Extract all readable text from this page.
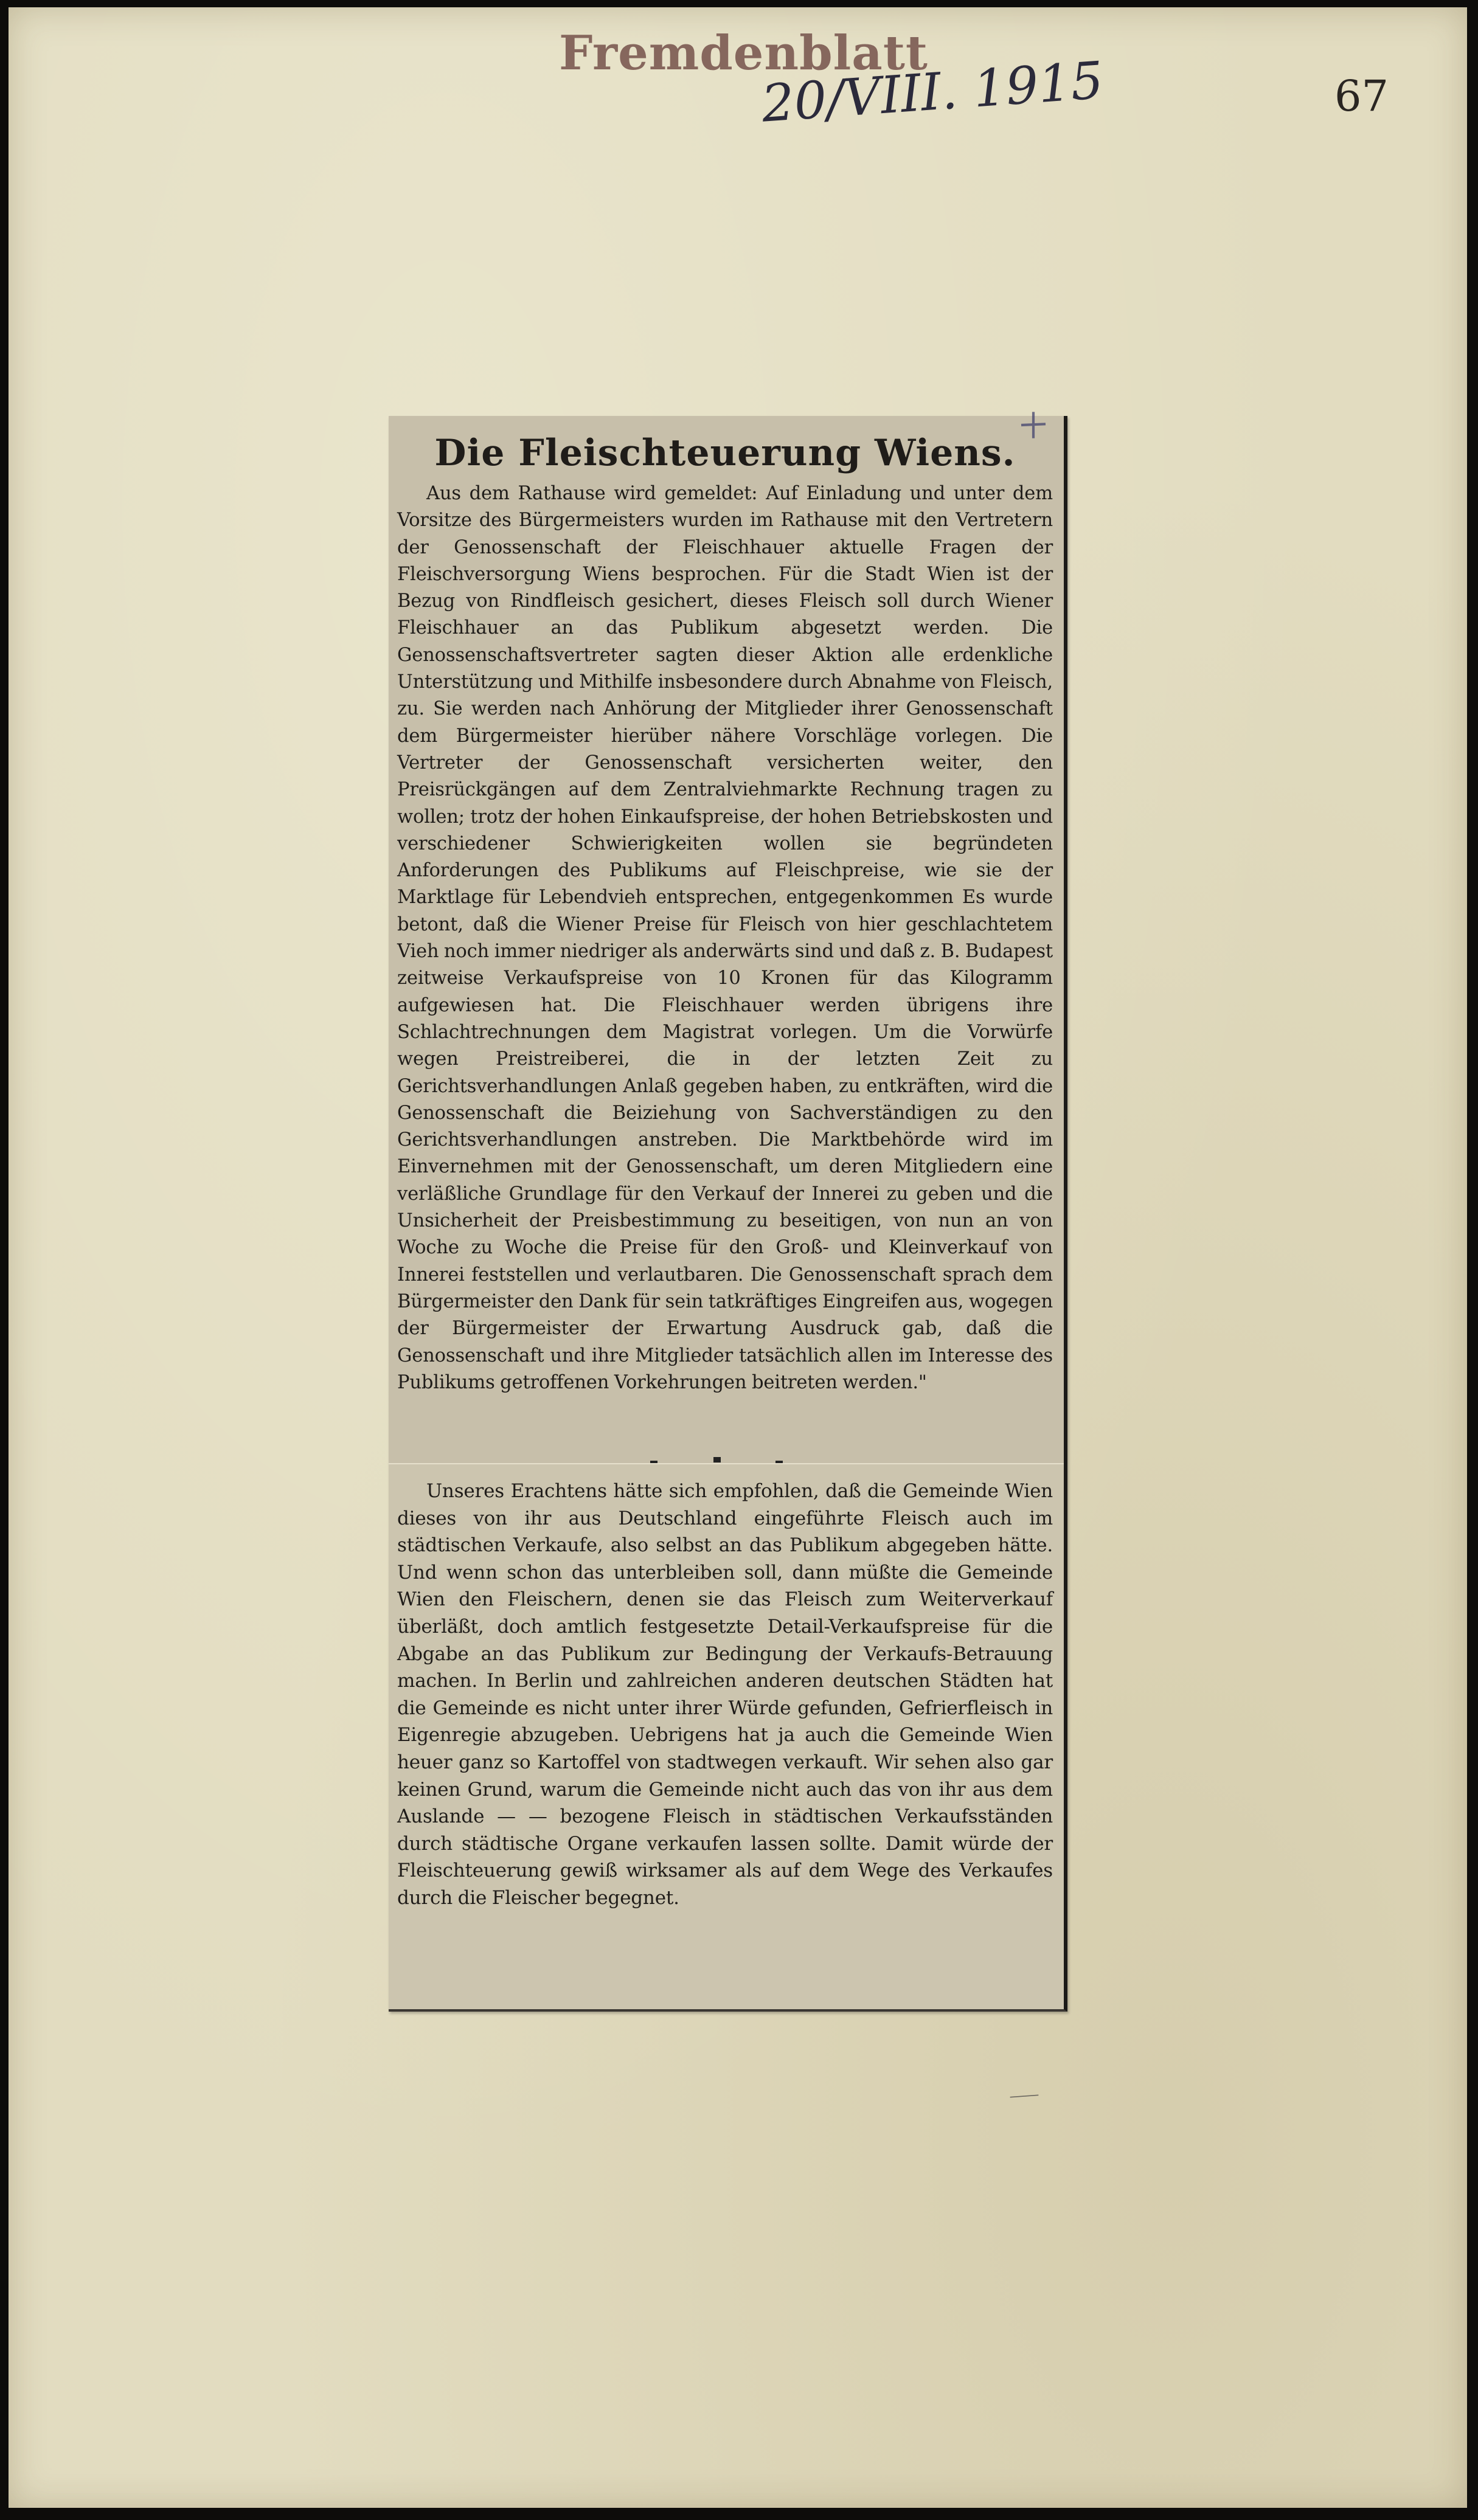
Fremdenblatt
20/VIII. 1915	67
Die Fleischteuerung Wiens.

Aus dem Rathause wird gemeldet: Auf Einladung und unter dem Vorsitze des Bürgermeisters wurden im Rathause mit den Vertretern der Genossenschaft der Fleischhauer aktuelle Fragen der Fleischversorgung Wiens besprochen. Für die Stadt Wien ist der Bezug von Rindfleisch gesichert, dieses Fleisch soll durch Wiener Fleischhauer an das Publikum abgesetzt werden. Die Genossenschaftsvertreter sagten dieser Aktion alle erdenkliche Unterstützung und Mithilfe insbesondere durch Abnahme von Fleisch, zu. Sie werden nach Anhörung der Mitglieder ihrer Genossenschaft dem Bürgermeister hierüber nähere Vorschläge vorlegen. Die Vertreter der Genossenschaft versicherten weiter, den Preisrückgängen auf dem Zentralviehmarkte Rechnung tragen zu wollen; trotz der hohen Einkaufspreise, der hohen Betriebskosten und verschiedener Schwierigkeiten wollen sie begründeten Anforderungen des Publikums auf Fleischpreise, wie sie der Marktlage für Lebendvieh entsprechen, entgegenkommen Es wurde betont, daß die Wiener Preise für Fleisch von hier geschlachtetem Vieh noch immer niedriger als anderwärts sind und daß z. B. Budapest zeitweise Verkaufspreise von 10 Kronen für das Kilogramm aufgewiesen hat. Die Fleischhauer werden übrigens ihre Schlachtrechnungen dem Magistrat vorlegen. Um die Vorwürfe wegen Preistreiberei, die in der letzten Zeit zu Gerichtsverhandlungen Anlaß gegeben haben, zu entkräften, wird die Genossenschaft die Beiziehung von Sachverständigen zu den Gerichtsverhandlungen anstreben. Die Marktbehörde wird im Einvernehmen mit der Genossenschaft, um deren Mitgliedern eine verläßliche Grundlage für den Verkauf der Innerei zu geben und die Unsicherheit der Preisbestimmung zu beseitigen, von nun an von Woche zu Woche die Preise für den Groß- und Kleinverkauf von Innerei feststellen und verlautbaren. Die Genossenschaft sprach dem Bürgermeister den Dank für sein tatkräftiges Eingreifen aus, wogegen der Bürgermeister der Erwartung Ausdruck gab, daß die Genossenschaft und ihre Mitglieder tatsächlich allen im Interesse des Publikums getroffenen Vorkehrungen beitreten werden."

Unseres Erachtens hätte sich empfohlen, daß die Gemeinde Wien dieses von ihr aus Deutschland eingeführte Fleisch auch im städtischen Verkaufe, also selbst an das Publikum abgegeben hätte. Und wenn schon das unterbleiben soll, dann müßte die Gemeinde Wien den Fleischern, denen sie das Fleisch zum Weiterverkauf überläßt, doch amtlich festgesetzte Detail-Verkaufspreise für die Abgabe an das Publikum zur Bedingung der Verkaufs-Betrauung machen. In Berlin und zahlreichen anderen deutschen Städten hat die Gemeinde es nicht unter ihrer Würde gefunden, Gefrierfleisch in Eigenregie abzugeben. Uebrigens hat ja auch die Gemeinde Wien heuer ganz so Kartoffel von stadtwegen verkauft. Wir sehen also gar keinen Grund, warum die Gemeinde nicht auch das von ihr aus dem Auslande — — bezogene Fleisch in städtischen Verkaufsständen durch städtische Organe verkaufen lassen sollte. Damit würde der Fleischteuerung gewiß wirksamer als auf dem Wege des Verkaufes durch die Fleischer begegnet.
